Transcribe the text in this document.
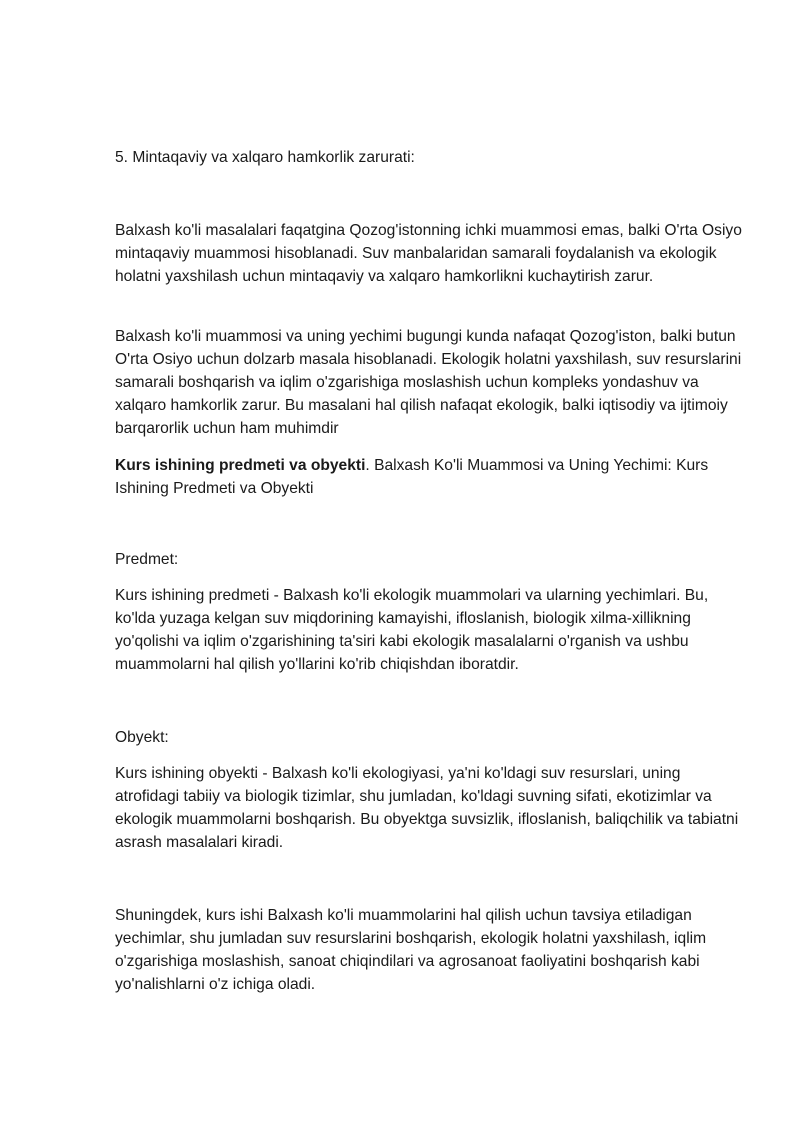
5. Mintaqaviy va xalqaro hamkorlik zarurati:

Balxash ko'li masalalari faqatgina Qozog'istonning ichki muammosi emas, balki O'rta Osiyo mintaqaviy muammosi hisoblanadi. Suv manbalaridan samarali foydalanish va ekologik holatni yaxshilash uchun mintaqaviy va xalqaro hamkorlikni kuchaytirish zarur.

Balxash ko'li muammosi va uning yechimi bugungi kunda nafaqat Qozog'iston, balki butun O'rta Osiyo uchun dolzarb masala hisoblanadi. Ekologik holatni yaxshilash, suv resurslarini samarali boshqarish va iqlim o'zgarishiga moslashish uchun kompleks yondashuv va xalqaro hamkorlik zarur. Bu masalani hal qilish nafaqat ekologik, balki iqtisodiy va ijtimoiy barqarorlik uchun ham muhimdir

Kurs ishining predmeti va obyekti. Balxash Ko'li Muammosi va Uning Yechimi: Kurs Ishining Predmeti va Obyekti

Predmet:

Kurs ishining predmeti - Balxash ko'li ekologik muammolari va ularning yechimlari. Bu, ko'lda yuzaga kelgan suv miqdorining kamayishi, ifloslanish, biologik xilma-xillikning yo'qolishi va iqlim o'zgarishining ta'siri kabi ekologik masalalarni o'rganish va ushbu muammolarni hal qilish yo'llarini ko'rib chiqishdan iboratdir.

Obyekt:

Kurs ishining obyekti - Balxash ko'li ekologiyasi, ya'ni ko'ldagi suv resurslari, uning atrofidagi tabiiy va biologik tizimlar, shu jumladan, ko'ldagi suvning sifati, ekotizimlar va ekologik muammolarni boshqarish. Bu obyektga suvsizlik, ifloslanish, baliqchilik va tabiatni asrash masalalari kiradi.

Shuningdek, kurs ishi Balxash ko'li muammolarini hal qilish uchun tavsiya etiladigan yechimlar, shu jumladan suv resurslarini boshqarish, ekologik holatni yaxshilash, iqlim o'zgarishiga moslashish, sanoat chiqindilari va agrosanoat faoliyatini boshqarish kabi yo'nalishlarni o'z ichiga oladi.
